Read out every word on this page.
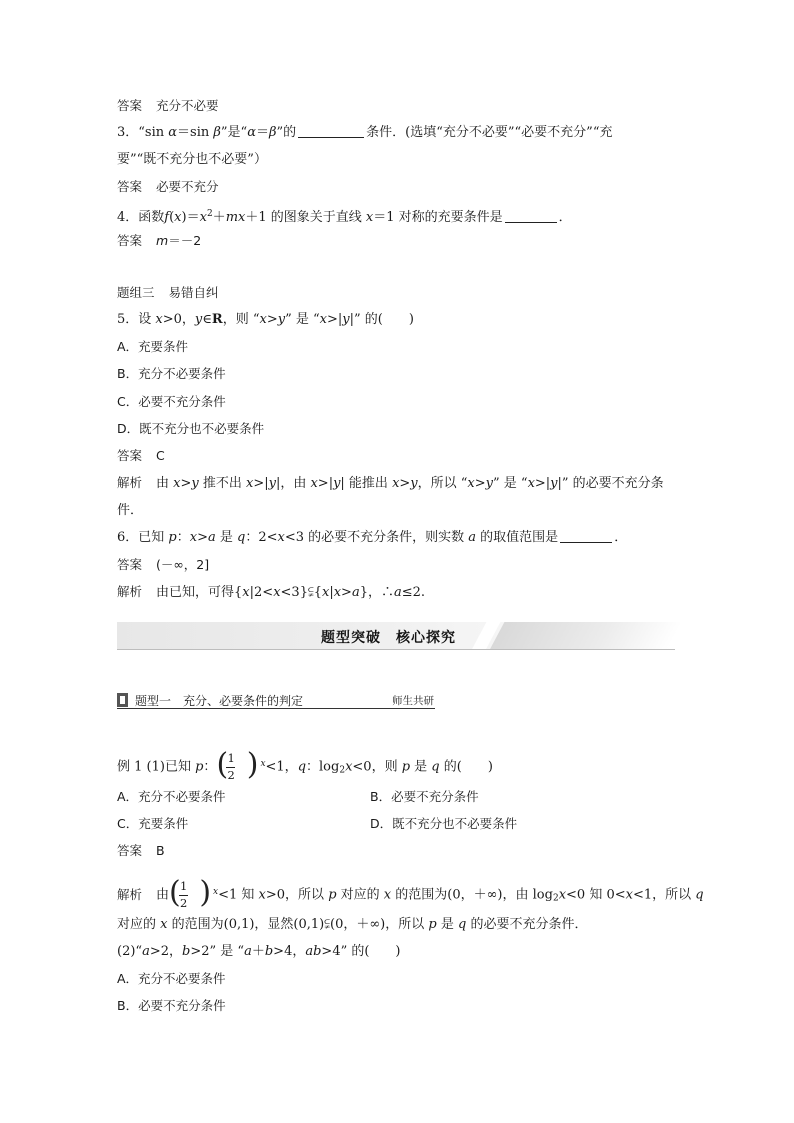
答案 充分不必要
3．“sin α＝sin β”是“α＝β”的	条件．(选填“充分不必要”“必要不充分”“充
要”“既不充分也不必要”）
答案 必要不充分
4．函数$f(x)=x^2+mx+1$ 的图象关于直线 x＝1 对称的充要条件是	．
答案 m＝－2
题组三 易错自纠
5．设 x>0，y∈R，则 “x>y” 是 “x>|y|” 的(　　)
A．充要条件
B．充分不必要条件
C．必要不充分条件
D．既不充分也不必要条件
答案 C
解析 由 x>y 推不出 x>|y|，由 x>|y| 能推出 x>y，所以 “x>y” 是 “x>|y|” 的必要不充分条
件．
6．已知 p：x>a 是 q：2<x<3 的必要不充分条件，则实数 a 的取值范围是	．
答案 (－∞，2]
解析 由已知，可得{x|2<x<3}⫋{x|x>a}，∴a≤2.
题型突破　核心探究
题型一　充分、必要条件的判定	师生共研
例 1 (1)已知 p： ( 1
2 ) $^x$<1，q：$\log_2x<0$，则 p 是 q 的(　　)
A．充分不必要条件	B．必要不充分条件
C．充要条件	D．既不充分也不必要条件
答案 B
解析 由 ( 1
2 ) $^x$<1 知 x>0，所以 p 对应的 x 的范围为(0，＋∞)，由 $\log_2x<0$ 知 0<x<1，所以 q
对应的 x 的范围为(0,1)，显然(0,1)⫋(0，＋∞)，所以 p 是 q 的必要不充分条件．
(2)“a>2，b>2” 是 “a＋b>4，ab>4” 的(　　)
A．充分不必要条件
B．必要不充分条件
